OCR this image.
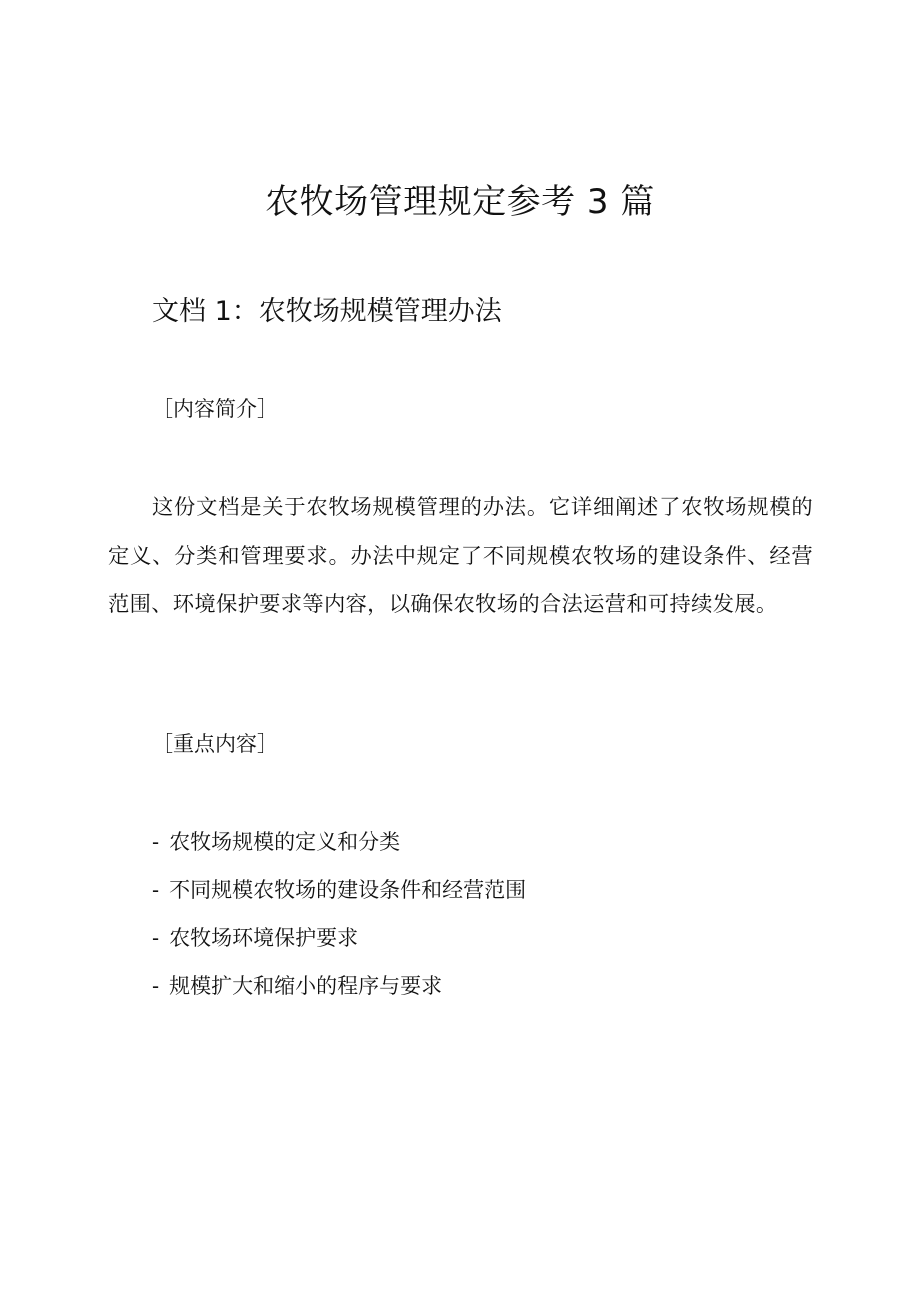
农牧场管理规定参考 3 篇
文档 1：农牧场规模管理办法

［内容简介］

这份文档是关于农牧场规模管理的办法。它详细阐述了农牧场规模的定义、分类和管理要求。办法中规定了不同规模农牧场的建设条件、经营范围、环境保护要求等内容，以确保农牧场的合法运营和可持续发展。

［重点内容］

- 农牧场规模的定义和分类
- 不同规模农牧场的建设条件和经营范围
- 农牧场环境保护要求
- 规模扩大和缩小的程序与要求
